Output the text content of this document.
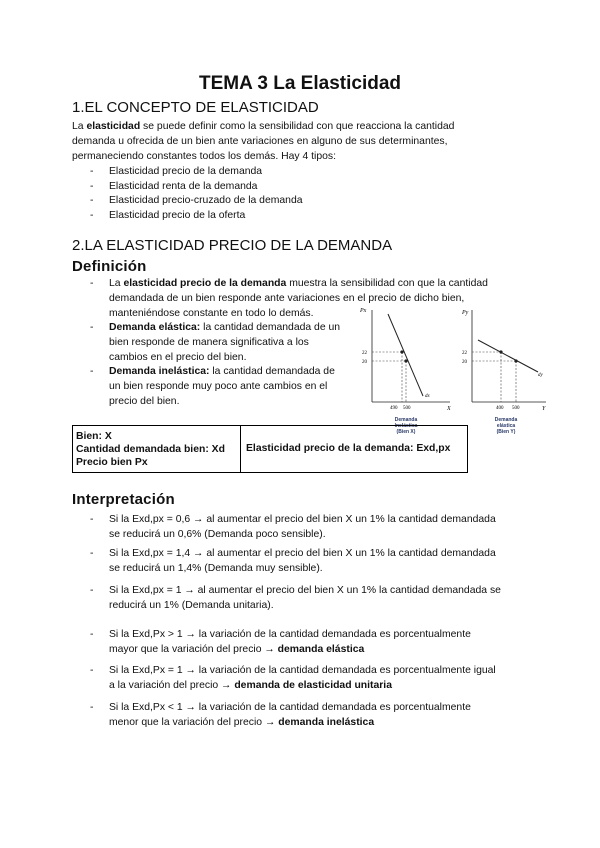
TEMA 3 La Elasticidad
1.EL CONCEPTO DE ELASTICIDAD
La elasticidad se puede definir como la sensibilidad con que reacciona la cantidad
demanda u ofrecida de un bien ante variaciones en alguno de sus determinantes,
permaneciendo constantes todos los demás. Hay 4 tipos:
- Elasticidad precio de la demanda
- Elasticidad renta de la demanda
- Elasticidad precio-cruzado de la demanda
- Elasticidad precio de la oferta
2.LA ELASTICIDAD PRECIO DE LA DEMANDA
Definición
- La elasticidad precio de la demanda muestra la sensibilidad con que la cantidad
demandada de un bien responde ante variaciones en el precio de dicho bien,
manteniéndose constante en todo lo demás.
- Demanda elástica: la cantidad demandada de un
bien responde de manera significativa a los
cambios en el precio del bien.
- Demanda inelástica: la cantidad demandada de
un bien responde muy poco ante cambios en el
precio del bien.
Px
X
dx
22
20
490 500
Py
Y
dy
22
20
400 500
Demanda
Inelástica
(Bien X)
Demanda
elástica
(Bien Y)
Bien: X
Cantidad demandada bien: Xd
Precio bien Px
Elasticidad precio de la demanda: Exd,px
Interpretación
- Si la Exd,px = 0,6 → al aumentar el precio del bien X un 1% la cantidad demandada
se reducirá un 0,6% (Demanda poco sensible).
- Si la Exd,px = 1,4 → al aumentar el precio del bien X un 1% la cantidad demandada
se reducirá un 1,4% (Demanda muy sensible).
- Si la Exd,px = 1 → al aumentar el precio del bien X un 1% la cantidad demandada se
reducirá un 1% (Demanda unitaria).
- Si la Exd,Px > 1 → la variación de la cantidad demandada es porcentualmente
mayor que la variación del precio → demanda elástica
- Si la Exd,Px = 1 → la variación de la cantidad demandada es porcentualmente igual
a la variación del precio → demanda de elasticidad unitaria
- Si la Exd,Px < 1 → la variación de la cantidad demandada es porcentualmente
menor que la variación del precio → demanda inelástica
